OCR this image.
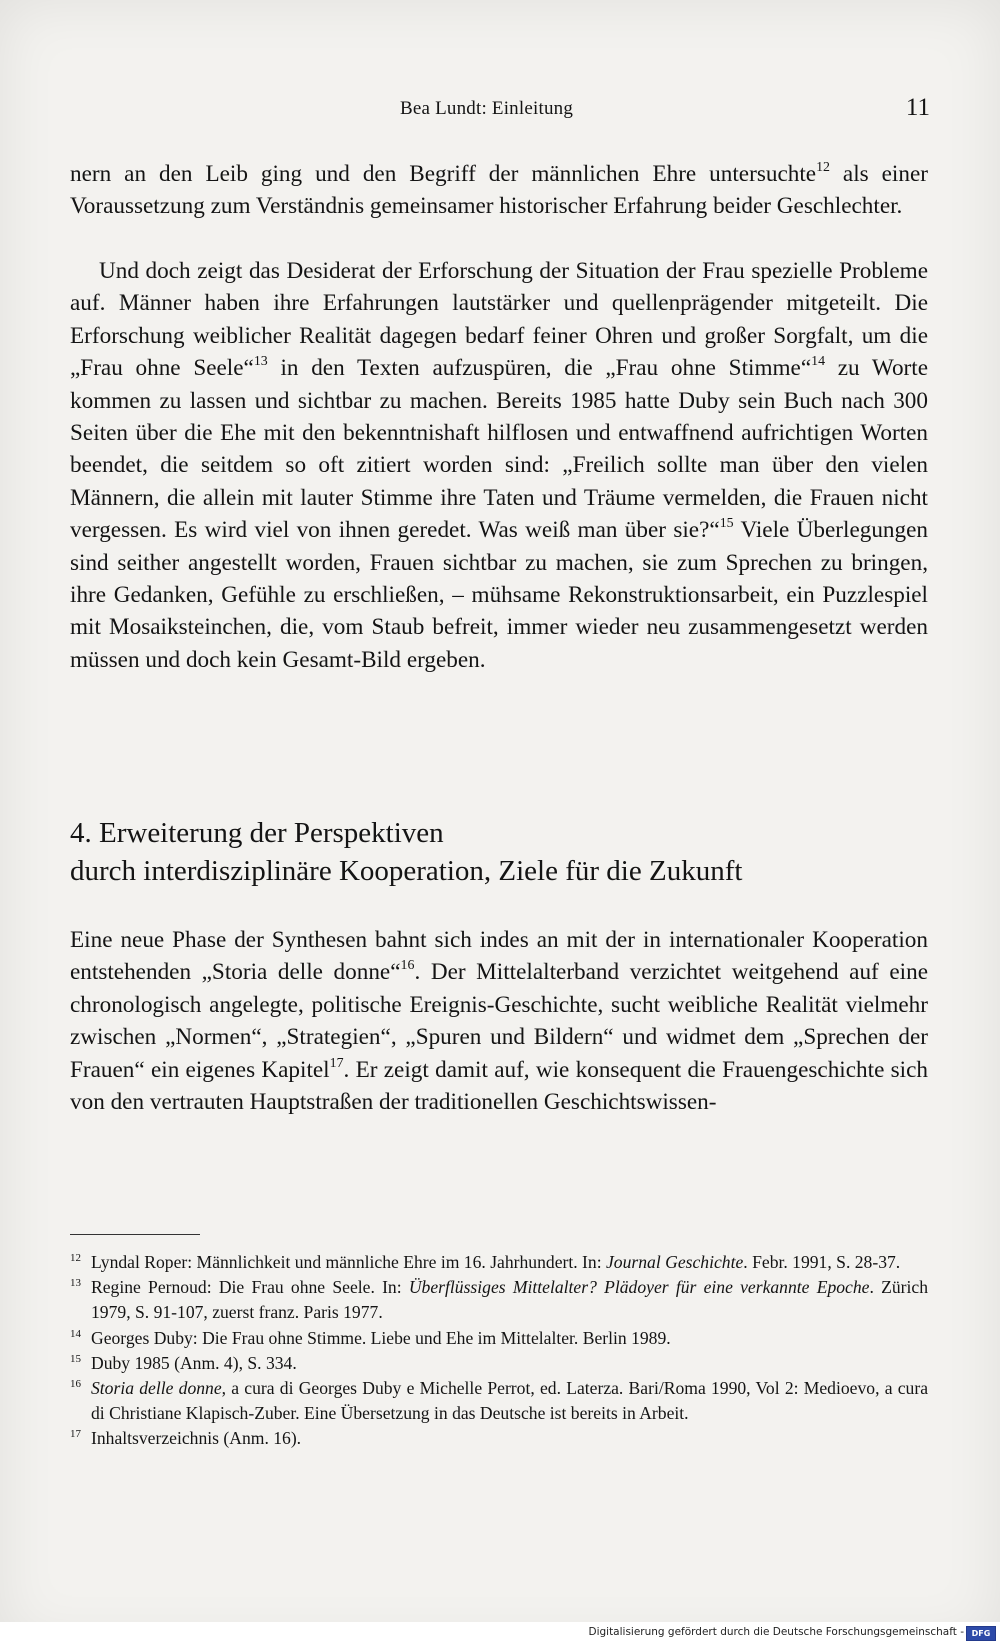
Bea Lundt: Einleitung	11

nern an den Leib ging und den Begriff der männlichen Ehre untersuchte$^{12}$ als einer Voraussetzung zum Verständnis gemeinsamer historischer Erfahrung beider Geschlechter.

Und doch zeigt das Desiderat der Erforschung der Situation der Frau spezielle Probleme auf. Männer haben ihre Erfahrungen lautstärker und quellenprägender mitgeteilt. Die Erforschung weiblicher Realität dagegen bedarf feiner Ohren und großer Sorgfalt, um die „Frau ohne Seele“$^{13}$ in den Texten aufzuspüren, die „Frau ohne Stimme“$^{14}$ zu Worte kommen zu lassen und sichtbar zu machen. Bereits 1985 hatte Duby sein Buch nach 300 Seiten über die Ehe mit den bekenntnishaft hilflosen und entwaffnend aufrichtigen Worten beendet, die seitdem so oft zitiert worden sind: „Freilich sollte man über den vielen Männern, die allein mit lauter Stimme ihre Taten und Träume vermelden, die Frauen nicht vergessen. Es wird viel von ihnen geredet. Was weiß man über sie?“$^{15}$ Viele Überlegungen sind seither angestellt worden, Frauen sichtbar zu machen, sie zum Sprechen zu bringen, ihre Gedanken, Gefühle zu erschließen, – mühsame Rekonstruktionsarbeit, ein Puzzlespiel mit Mosaiksteinchen, die, vom Staub befreit, immer wieder neu zusammengesetzt werden müssen und doch kein Gesamt-Bild ergeben.

4. Erweiterung der Perspektiven
durch interdisziplinäre Kooperation, Ziele für die Zukunft

Eine neue Phase der Synthesen bahnt sich indes an mit der in internationaler Kooperation entstehenden „Storia delle donne“$^{16}$. Der Mittelalterband verzichtet weitgehend auf eine chronologisch angelegte, politische Ereignis-Geschichte, sucht weibliche Realität vielmehr zwischen „Normen“, „Strategien“, „Spuren und Bildern“ und widmet dem „Sprechen der Frauen“ ein eigenes Kapitel$^{17}$. Er zeigt damit auf, wie konsequent die Frauengeschichte sich von den vertrauten Hauptstraßen der traditionellen Geschichtswissen-

12 Lyndal Roper: Männlichkeit und männliche Ehre im 16. Jahrhundert. In: Journal Geschichte. Febr. 1991, S. 28-37.

13 Regine Pernoud: Die Frau ohne Seele. In: Überflüssiges Mittelalter? Plädoyer für eine verkannte Epoche. Zürich 1979, S. 91-107, zuerst franz. Paris 1977.

14 Georges Duby: Die Frau ohne Stimme. Liebe und Ehe im Mittelalter. Berlin 1989.

15 Duby 1985 (Anm. 4), S. 334.

16 Storia delle donne, a cura di Georges Duby e Michelle Perrot, ed. Laterza. Bari/Roma 1990, Vol 2: Medioevo, a cura di Christiane Klapisch-Zuber. Eine Übersetzung in das Deutsche ist bereits in Arbeit.

17 Inhaltsverzeichnis (Anm. 16).

Digitalisierung gefördert durch die Deutsche Forschungsgemeinschaft - DFG
